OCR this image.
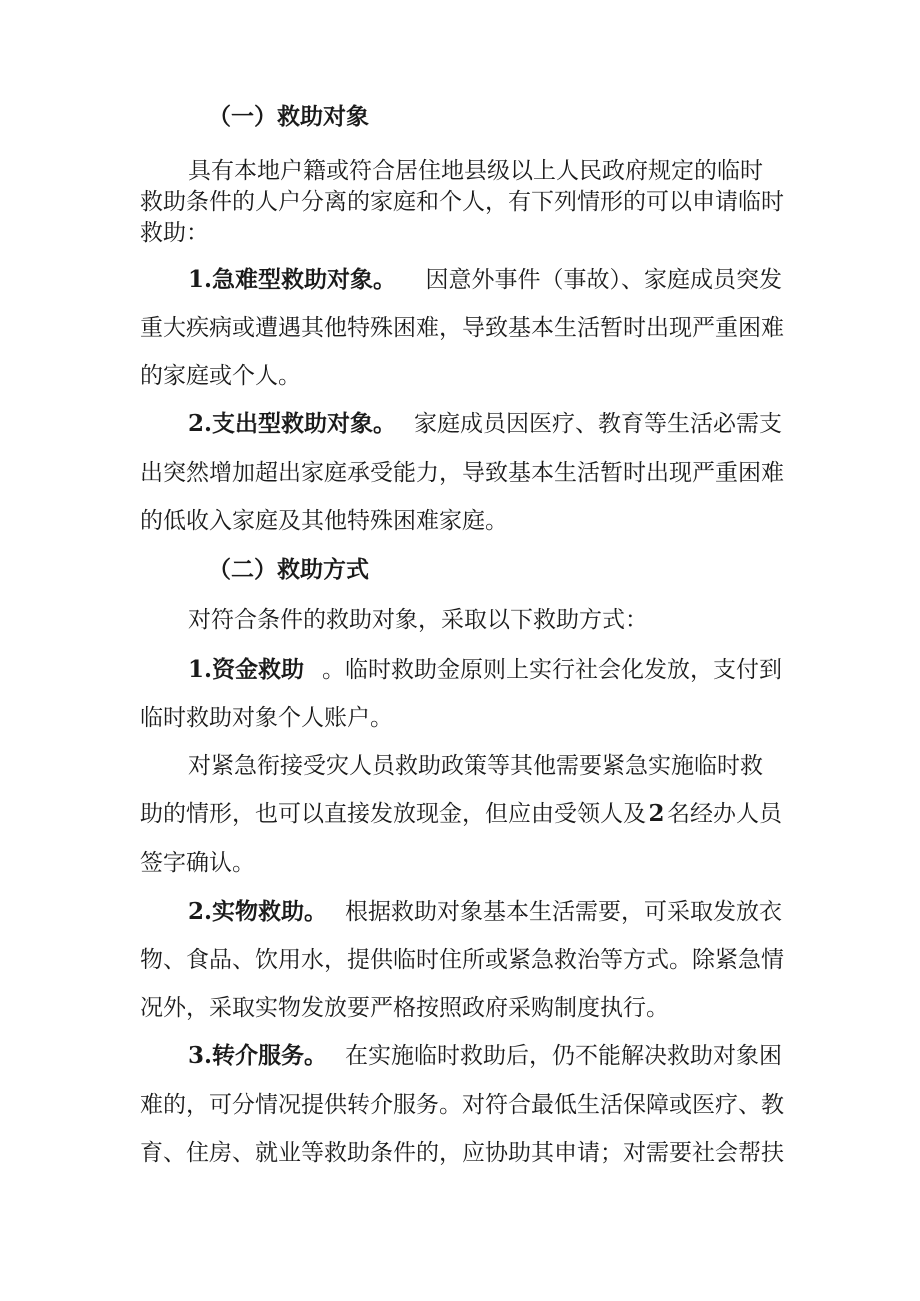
（一）救助对象
具有本地户籍或符合居住地县级以上人民政府规定的临时
救助条件的人户分离的家庭和个人，有下列情形的可以申请临时
救助：
1 .急难型救助对象。 因意外事件（事故）、家庭成员突发
重大疾病或遭遇其他特殊困难，导致基本生活暂时出现严重困难
的家庭或个人。
2 .支出型救助对象。 家庭成员因医疗、教育等生活必需支
出突然增加超出家庭承受能力，导致基本生活暂时出现严重困难
的低收入家庭及其他特殊困难家庭。
（二）救助方式
对符合条件的救助对象，采取以下救助方式：
1 .资金救助 。临时救助金原则上实行社会化发放，支付到
临时救助对象个人账户。
对紧急衔接受灾人员救助政策等其他需要紧急实施临时救
助的情形，也可以直接发放现金，但应由受领人及 2 名经办人员
签字确认。
2 .实物救助。 根据救助对象基本生活需要，可采取发放衣
物、食品、饮用水，提供临时住所或紧急救治等方式。除紧急情
况外，采取实物发放要严格按照政府采购制度执行。
3 .转介服务。 在实施临时救助后，仍不能解决救助对象困
难的，可分情况提供转介服务。对符合最低生活保障或医疗、教
育、住房、就业等救助条件的，应协助其申请；对需要社会帮扶
